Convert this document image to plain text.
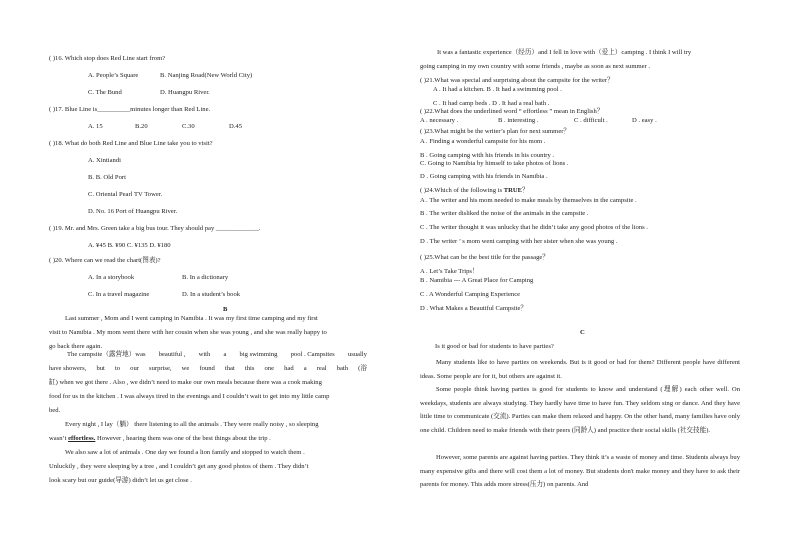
( )16. Which stop does Red Line start from?
A. People’s Square	B. Nanjing Road(New World City)
C. The Bund	D. Huangpu River.
( )17. Blue Line is__________minutes longer than Red Line.
A. 15	B.20	C.30	D.45
( )18. What do both Red Line and Blue Line take you to visit?
A. Xintiandi
B. B. Old Port
C. Oriental Pearl TV Tower.
D. No. 16 Port of Huangpu River.
( )19. Mr. and Mrs. Green take a big bus tour. They should pay _____________.
A. ¥45 B. ¥90 C. ¥135 D. ¥180
( )20. Where can we read the chart(图表)?
A. In a storybook	B. In a dictionary
C. In a travel magazine	D. In a student’s book
B
Last summer , Mom and I went camping in Namibia . It was my first time camping and my first
visit to Namibia . My mom went there with her cousin when she was young , and she was really happy to
go back there again.
The campsite（露营地）was beautiful , with a big swimming pool . Campsites usually
have showers, but to our surprise, we found that this one had a real bath (浴
缸) when we got there . Also , we didn’t need to make our own meals because there was a cook making
food for us in the kitchen . I was always tired in the evenings and I couldn’t wait to get into my little camp
bed.
Every night , I lay（躺） there listening to all the animals . They were really noisy , so sleeping
wasn’t effortless. However , hearing them was one of the best things about the trip .
We also saw a lot of animals . One day we found a lion family and stopped to watch them .
Unluckily , they were sleeping by a tree , and I couldn’t get any good photos of them . They didn’t
look scary but our guide(导游) didn’t let us get close .
It was a fantastic experience（经历）and I fell in love with（爱上）camping . I think I will try
going camping in my own country with some friends , maybe as soon as next summer .
( )21.What was special and surprising about the campsite for the writer？
A . It had a kitchen. B . It had a swimming pool .
C . It had camp beds . D . It had a real bath .
( )22.What does the underlined word “ effortless ” mean in English？
A . necessary .	B . interesting .	C . difficult .	D . easy .
( )23.What might be the writer’s plan for next summer？
A . Finding a wonderful campsite for his mom .
B . Going camping with his friends in his country .
C. Going to Namibia by himself to take photos of lions .
D . Going camping with his friends in Namibia .
( )24.Which of the following is TRUE？
A . The writer and his mom needed to make meals by themselves in the campsite .
B . The writer disliked the noise of the animals in the campsite .
C . The writer thought it was unlucky that he didn’t take any good photos of the lions .
D . The writer ’ s mom went camping with her sister when she was young .
( )25.What can be the best title for the passage？
A . Let’s Take Trips！
B . Namibia --- A Great Place for Camping
C . A Wonderful Camping Experience
D . What Makes a Beautiful Campsite？
C
Is it good or bad for students to have parties?

Many students like to have parties on weekends. But is it good or bad for them? Different people have different ideas. Some people are for it, but others are against it.

Some people think having parties is good for students to know and understand (理解) each other well. On weekdays, students are always studying. They hardly have time to have fun. They seldom sing or dance. And they have little time to communicate (交流). Parties can make them relaxed and happy. On the other hand, many families have only one child. Children need to make friends with their peers (同龄人) and practice their social skills (社交技能).

However, some parents are against having parties. They think it’s a waste of money and time. Students always buy many expensive gifts and there will cost them a lot of money. But students don't make money and they have to ask their parents for money. This adds more stress(压力) on parents. And
